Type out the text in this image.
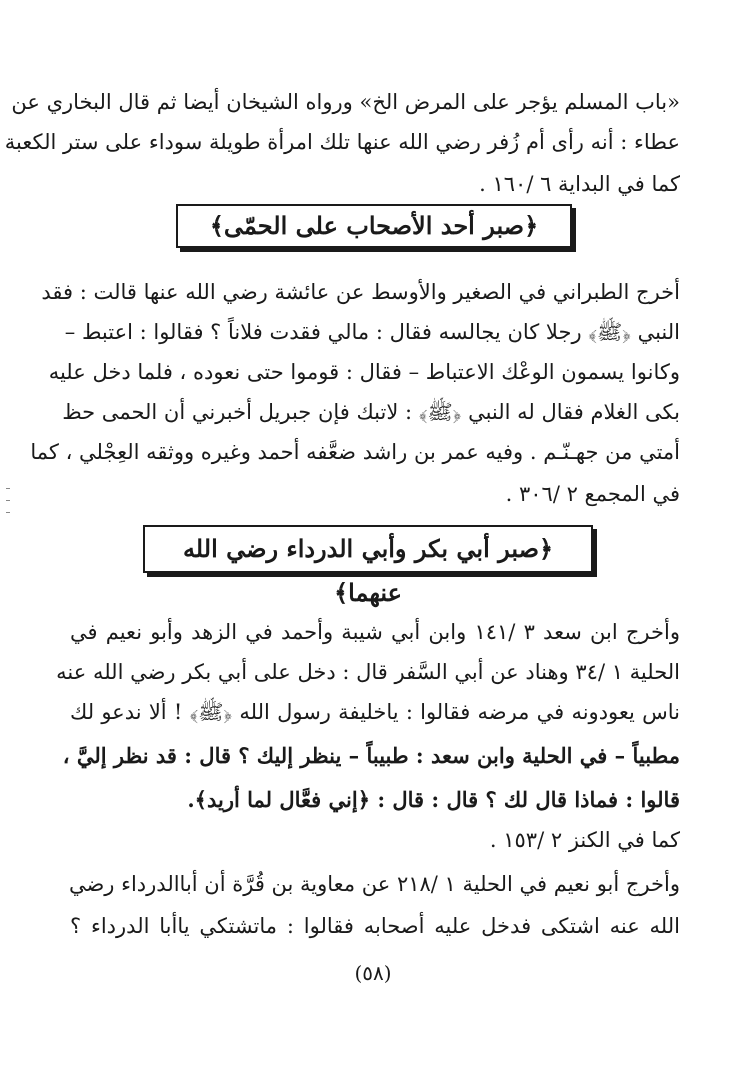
«باب المسلم يؤجر على المرض الخ» ورواه الشيخان أيضا ثم قال البخاري عن
عطاء : أنه رأى أم زُفر رضي الله عنها تلك امرأة طويلة سوداء على ستر الكعبة
كما في البداية ٦ /١٦٠ .
﴿صبر أحد الأصحاب على الحمّى﴾
أخرج الطبراني في الصغير والأوسط عن عائشة رضي الله عنها قالت : فقد
النبي ﴿ﷺ﴾ رجلا كان يجالسه فقال : مالي فقدت فلاناً ؟ فقالوا : اعتبط –
وكانوا يسمون الوعْك الاعتباط – فقال : قوموا حتى نعوده ، فلما دخل عليه
بكى الغلام فقال له النبي ﴿ﷺ﴾ : لاتبك فإن جبريل أخبرني أن الحمى حظ
أمتي من جهـنّـم . وفيه عمر بن راشد ضعَّفه أحمد وغيره ووثقه العِجْلي ، كما
في المجمع ٢ /٣٠٦ .
﴿صبر أبي بكر وأبي الدرداء رضي الله عنهما﴾
وأخرج ابن سعد ٣ /١٤١ وابن أبي شيبة وأحمد في الزهد وأبو نعيم في
الحلية ١ /٣٤ وهناد عن أبي السَّفر قال : دخل على أبي بكر رضي الله عنه
ناس يعودونه في مرضه فقالوا : ياخليفة رسول الله ﴿ﷺ﴾ ! ألا ندعو لك
مطبياً – في الحلية وابن سعد : طبيباً – ينظر إليك ؟ قال : قد نظر إليَّ ،
قالوا : فماذا قال لك ؟ قال : قال : ﴿إني فعَّال لما أريد﴾.
كما في الكنز ٢ /١٥٣ .
وأخرج أبو نعيم في الحلية ١ /٢١٨ عن معاوية بن قُرَّة أن أباالدرداء رضي
الله عنه اشتكى فدخل عليه أصحابه فقالوا : ماتشتكي ياأبا الدرداء ؟
(٥٨)
